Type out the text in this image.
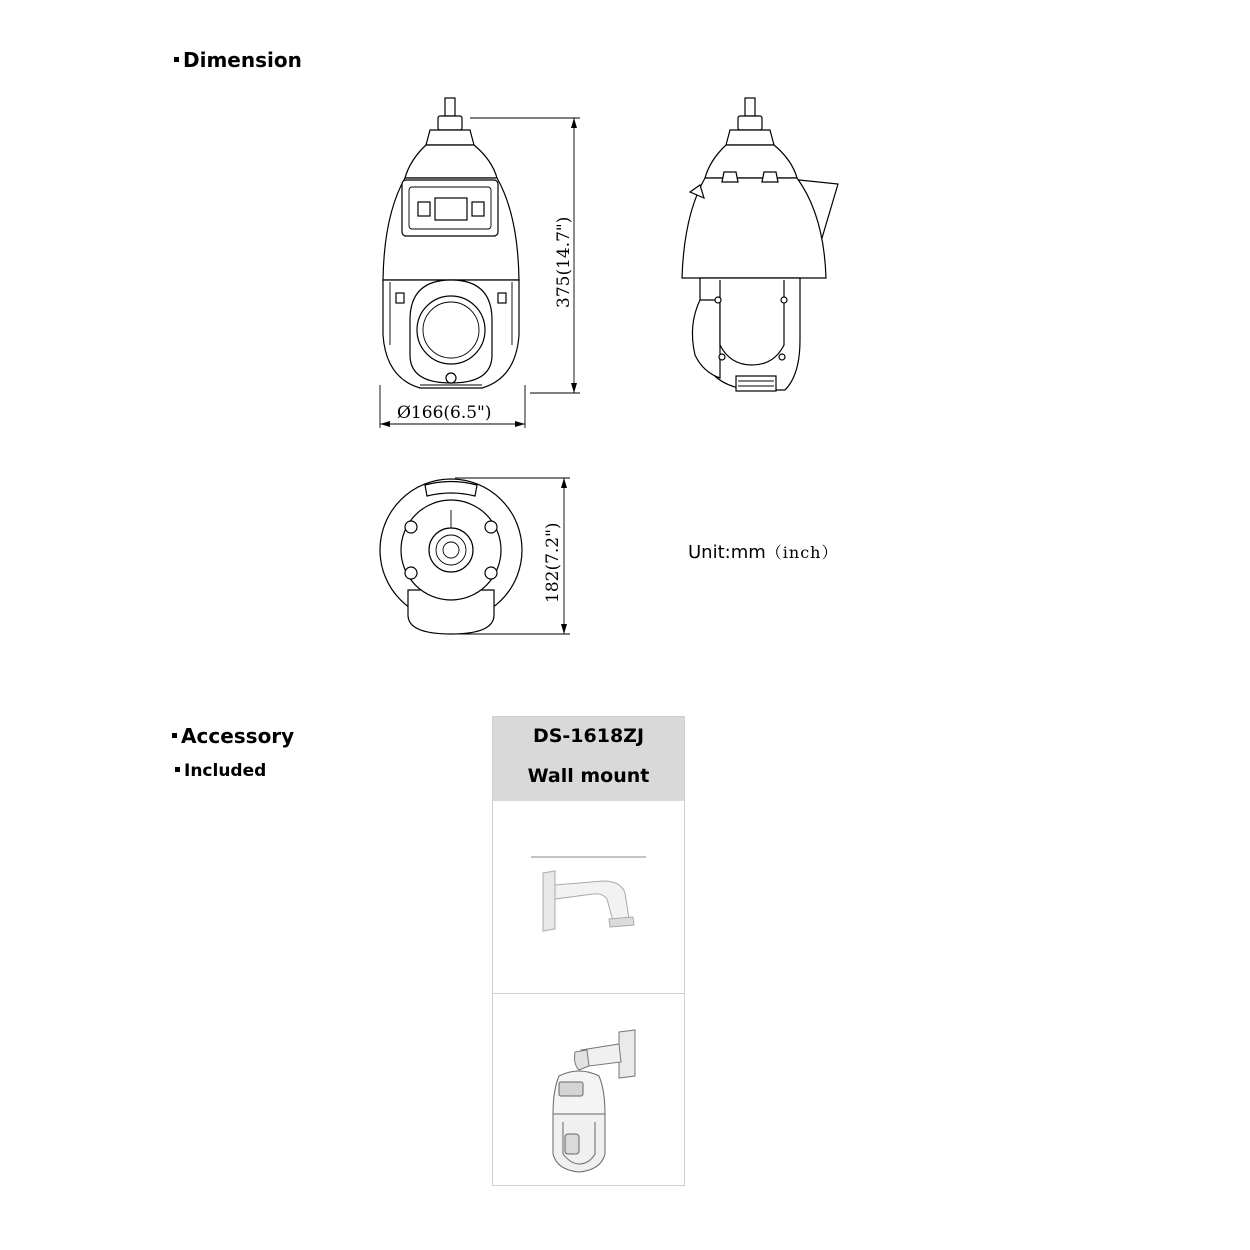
Dimension
Ø166(6.5")
375(14.7")
182(7.2")	Unit:mm（inch）
Accessory
Included
DS-1618ZJ
Wall mount
